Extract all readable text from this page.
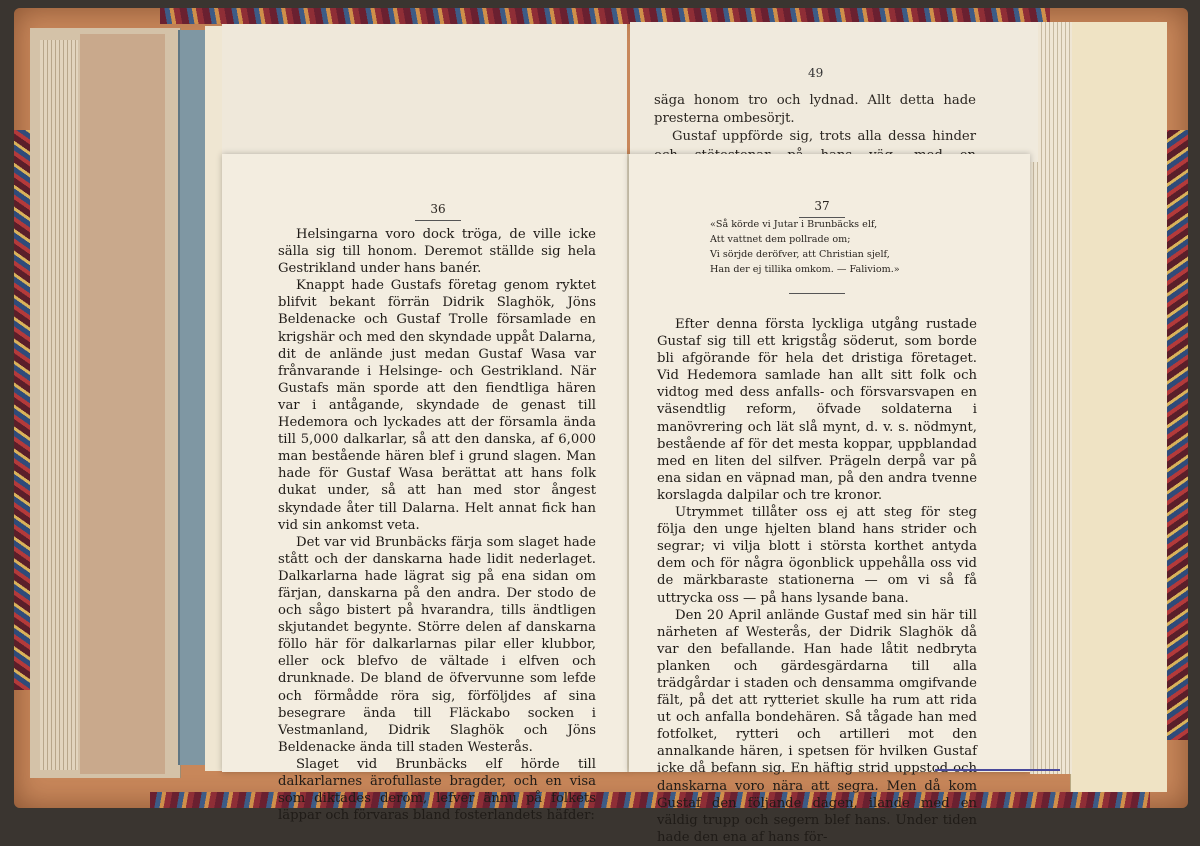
49

säga honom tro och lydnad. Allt detta hade presterna ombesörjt.

Gustaf uppförde sig, trots alla dessa hinder

36

Helsingarna voro dock tröga, de ville icke sälla sig till honom. Deremot ställde sig hela Gestrikland under hans banér.

Knappt hade Gustafs företag genom ryktet blifvit bekant förrän Didrik Slaghök, Jöns Beldenacke och Gustaf Trolle församlade en krigshär och med den skyndade uppåt Dalarna, dit de anlände just medan Gustaf Wasa var frånvarande i Helsinge- och Gestrikland. När Gustafs män sporde att den fiendtliga hären var i antågande, skyndade de genast till Hedemora och lyckades att der församla ända till 5,000 dalkarlar, så att den danska, af 6,000 man bestående hären blef i grund slagen. Man hade för Gustaf Wasa berättat att hans folk dukat under, så att han med stor ångest skyndade åter till Dalarna. Helt annat fick han vid sin ankomst veta.

Det var vid Brunbäcks färja som slaget hade stått och der danskarna hade lidit nederlaget. Dalkarlarna hade lägrat sig på ena sidan om färjan, danskarna på den andra. Der stodo de och sågo bistert på hvarandra, tills ändtligen skjutandet begynte. Större delen af danskarna föllo här för dalkarlarnas pilar eller klubbor, eller ock blefvo de vältade i elfven och drunknade. De bland de öfvervunne som lefde och förmådde röra sig, förföljdes af sina besegrare ända till Fläckabo socken i Vestmanland, Didrik Slaghök och Jöns Beldenacke ända till staden Westerås.

Slaget vid Brunbäcks elf hörde till dalkarlarnes ärofullaste bragder, och en visa som diktades derom, lefver ännu på folkets läppar och förvaras bland fosterlandets häfder:

37
«Så körde vi Jutar i Brunbäcks elf,
Att vattnet dem pollrade om;
Vi sörjde deröfver, att Christian sjelf,
Han der ej tillika omkom. — Faliviom.»

Efter denna första lyckliga utgång rustade Gustaf sig till ett krigståg söderut, som borde bli afgörande för hela det dristiga företaget. Vid Hedemora samlade han allt sitt folk och vidtog med dess anfalls- och försvarsvapen en väsendtlig reform, öfvade soldaterna i manövrering och lät slå mynt, d. v. s. nödmynt, bestående af för det mesta koppar, uppblandad med en liten del silfver. Prägeln derpå var på ena sidan en väpnad man, på den andra tvenne korslagda dalpilar och tre kronor.

Utrymmet tillåter oss ej att steg för steg följa den unge hjelten bland hans strider och segrar; vi vilja blott i största korthet antyda dem och för några ögonblick uppehålla oss vid de märkbaraste stationerna — om vi så få uttrycka oss — på hans lysande bana.

Den 20 April anlände Gustaf med sin här till närheten af Westerås, der Didrik Slaghök då var den befallande. Han hade låtit nedbryta planken och gärdesgärdarna till alla trädgårdar i staden och densamma omgifvande fält, på det att rytteriet skulle ha rum att rida ut och anfalla bondehären. Så tågade han med fotfolket, rytteri och artilleri mot den annalkande hären, i spetsen för hvilken Gustaf icke då befann sig. En häftig strid uppstod och danskarna voro nära att segra. Men då kom Gustaf den följande dagen, ilande med en väldig trupp och segern blef hans. Under tiden hade den ena af hans för-
